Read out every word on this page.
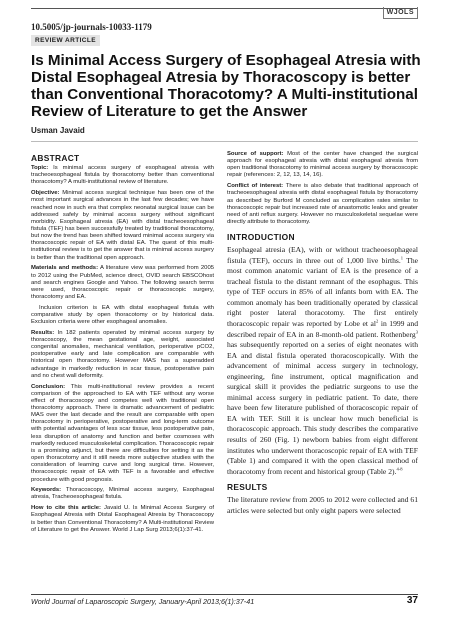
WJOLS
10.5005/jp-journals-10033-1179
REVIEW ARTICLE
Is Minimal Access Surgery of Esophageal Atresia with Distal Esophageal Atresia by Thoracoscopy is better than Conventional Thoracotomy? A Multi-institutional Review of Literature to get the Answer
Usman Javaid
ABSTRACT

Topic: Is minimal access surgery of esophageal atresia with tracheoesophageal fistula by thoracotomy better than conventional thoracotomy? A multi-institutional review of literature.

Objective: Minimal access surgical technique has been one of the most important surgical advances in the last few decades; we have reached now in such era that complex neonatal surgical issue can be addressed safely by minimal access surgery without significant morbidity. Esophageal atresia (EA) with distal tracheoesophageal fistula (TEF) has been successfully treated by traditional thoracotomy, but now the trend has been shifted toward minimal access surgery via thoracoscopic repair of EA with distal EA. The quest of this multi-institutional review is to get the answer that is minimal access surgery is better than the traditional open approach.

Materials and methods: A literature view was performed from 2005 to 2012 using the PubMed, science direct, OVID search EBSCOhost and search engines Google and Yahoo. The following search terms were used, thoracoscopic repair or thoracoscopic surgery, thoracotomy and EA.

Inclusion criterion is EA with distal esophageal fistula with comparative study by open thoracotomy or by historical data. Exclusion criteria were other esophageal anomalies.

Results: In 182 patients operated by minimal access surgery by thoracoscopy, the mean gestational age, weight, associated congenital anomalies, mechanical ventilation, perioperative pCO2, postoperative early and late complication are comparable with historical open thoracotomy. However MAS has a superadded advantage in markedly reduction in scar tissue, postoperative pain and no chest wall deformity.

Conclusion: This multi-institutional review provides a recent comparison of the approached to EA with TEF without any worse effect of thoracoscopy and competes well with traditional open thoracotomy approach. There is dramatic advancement of pediatric MAS over the last decade and the result are comparable with open thoracotomy in perioperative, postoperative and long-term outcome with potential advantages of less scar tissue, less postoperative pain, less disruption of anatomy and function and better cosmoses with markedly reduced musculoskeletal complication. Thoracoscopic repair is a promising adjunct, but there are difficulties for setting it as the open thoracotomy and it still needs more subjective studies with the consideration of learning curve and long surgical time. However, thoracoscopic repair of EA with TEF is a favorable and effective procedure with good prognosis.

Keywords: Thoracoscopy, Minimal access surgery, Esophageal atresia, Tracheoesophageal fistula.

How to cite this article: Javaid U. Is Minimal Access Surgery of Esophageal Atresia with Distal Esophageal Atresia by Thoracoscopy is better than Conventional Thoracotomy? A Multi-institutional Review of Literature to get the Answer. World J Lap Surg 2013;6(1):37-41.

Source of support: Most of the center have changed the surgical approach for esophageal atresia with distal esophageal atresia from open traditional thoracotomy to minimal access surgery by thoracoscopic repair (references: 2, 12, 13, 14, 16).

Conflict of interest: There is also debate that traditional approach of tracheoesophageal atresia with distal esophageal fistula by thoracotomy as described by Burford M concluded as complication rates similar to thoracoscopic repair but increased rate of anastomotic leaks and greater need of anti reflux surgery. However no musculoskeletal sequelae were directly attribute to thoracotomy.

INTRODUCTION

Esophageal atresia (EA), with or without tracheoesophageal fistula (TEF), occurs in three out of 1,000 live births.$^1$ The most common anatomic variant of EA is the presence of a tracheal fistula to the distant remnant of the esophagus. This type of TEF occurs in 85% of all infants born with EA. The common anomaly has been traditionally operated by classical right poster lateral thoracotomy. The first entirely thoracoscopic repair was reported by Lobe et $al^2$ in 1999 and described repair of EA in an 8-month-old patient. Rothenberg$^3$ has subsequently reported on a series of eight neonates with EA and distal fistula operated thoracoscopically. With the advancement of minimal access surgery in technology, engineering, fine instrument, optical magnification and surgical skill it provides the pediatric surgeons to use the minimal access surgery in pediatric patient. To date, there have been few literature published of thoracoscopic repair of EA with TEF. Still it is unclear how much beneficial is thoracoscopic approach. This study describes the comparative results of 260 (Fig. 1) newborn babies from eight different institutes who underwent thoracoscopic repair of EA with TEF (Table 1) and compared it with the open classical method of thoracotomy from recent and historical group (Table 2).$^{4-8}$

RESULTS

The literature review from 2005 to 2012 were collected and 61 articles were selected but only eight papers were selected

World Journal of Laparoscopic Surgery, January-April 2013;6(1):37-41	37
